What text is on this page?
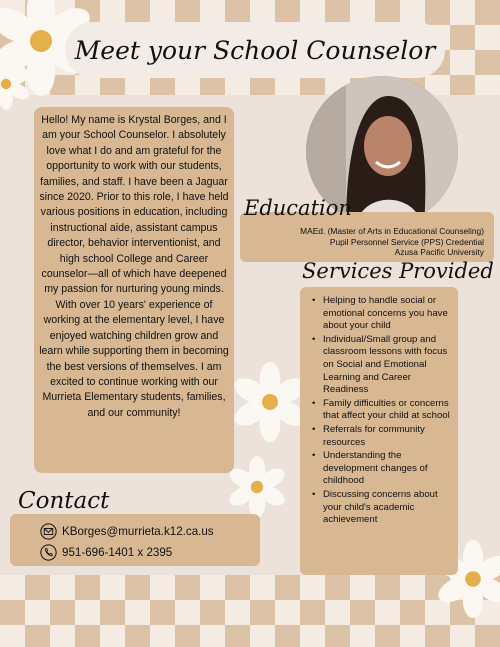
Meet your School Counselor

Hello! My name is Krystal Borges, and I am your School Counselor. I absolutely love what I do and am grateful for the opportunity to work with our students, families, and staff. I have been a Jaguar since 2020. Prior to this role, I have held various positions in education, including instructional aide, assistant campus director, behavior interventionist, and high school College and Career counselor—all of which have deepened my passion for nurturing young minds.

With over 10 years' experience of working at the elementary level, I have enjoyed watching children grow and learn while supporting them in becoming the best versions of themselves. I am excited to continue working with our Murrieta Elementary students, families, and our community!

MAEd. (Master of Arts in Educational Counseling)
Pupil Personnel Service (PPS) Credential
Azusa Pacific University
Education
Services Provided
• Helping to handle social or emotional concerns you have about your child
• Individual/Small group and classroom lessons with focus on Social and Emotional Learning and Career Readiness
• Family difficulties or concerns that affect your child at school
• Referrals for community resources
• Understanding the development changes of childhood
• Discussing concerns about your child's academic achievement
Contact
KBorges@murrieta.k12.ca.us
951-696-1401 x 2395
